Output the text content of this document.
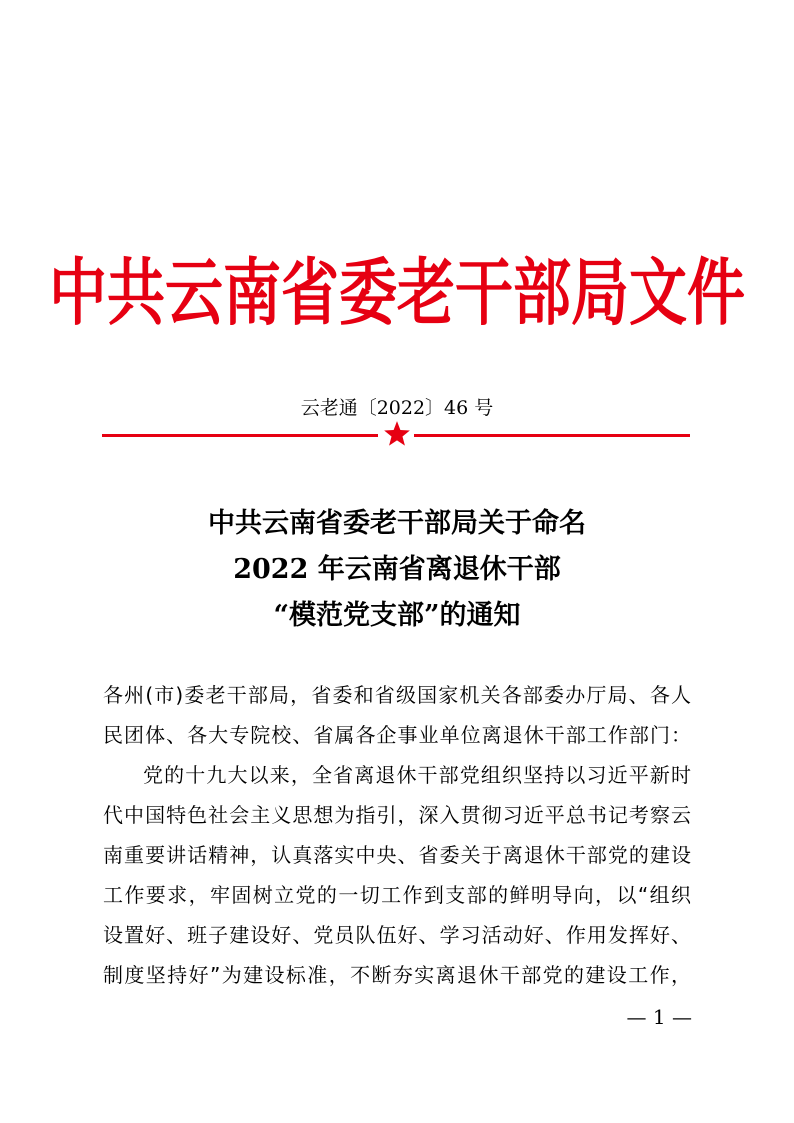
中共云南省委老干部局文件
云老通〔2022〕46 号
中共云南省委老干部局关于命名
2022 年云南省离退休干部
“模范党支部”的通知
各州(市)委老干部局，省委和省级国家机关各部委办厅局、各人
民团体、各大专院校、省属各企事业单位离退休干部工作部门：
党的十九大以来，全省离退休干部党组织坚持以习近平新时
代中国特色社会主义思想为指引，深入贯彻习近平总书记考察云
南重要讲话精神，认真落实中央、省委关于离退休干部党的建设
工作要求，牢固树立党的一切工作到支部的鲜明导向，以“组织
设置好、班子建设好、党员队伍好、学习活动好、作用发挥好、
制度坚持好”为建设标准，不断夯实离退休干部党的建设工作，
— 1 —
